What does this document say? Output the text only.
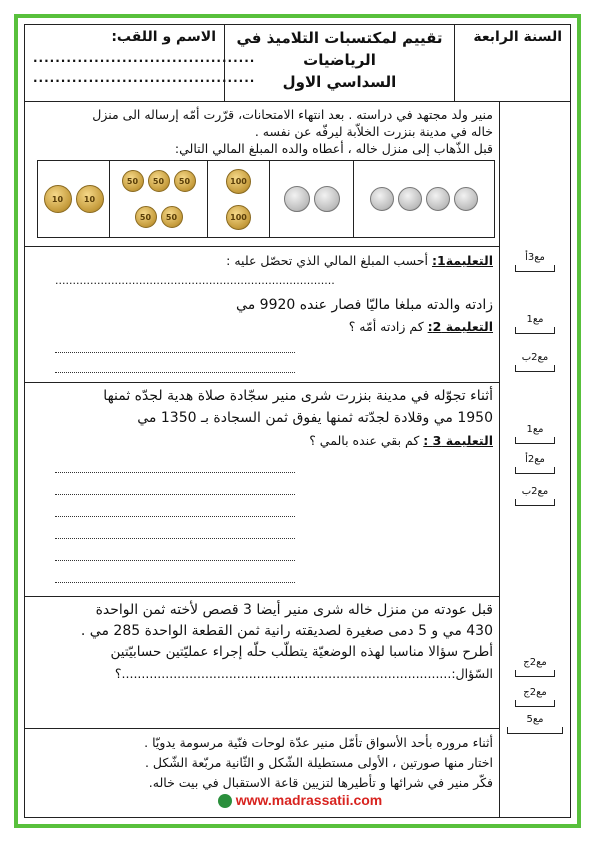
الاسم و اللقب:
........................................
........................................
تقييم لمكتسبات التلاميذ في
الرياضيات
السداسي الاول
السنة الرابعة
منير ولد مجتهد في دراسته . بعد انتهاء الامتحانات، قرّرت أمّه إرساله الى منزل
خاله في مدينة بنزرت الخلاّبة ليرفّه عن نفسه .
قبل الذّهاب إلى منزل خاله ، أعطاه والده المبلغ المالي التالي:
10	10
50	50	50
50	50
100
100
التعليمة1: أحسب المبلغ المالي الذي تحصّل عليه :
................................................................................
زادته والدته مبلغا ماليّا فصار عنده 9920 مي
التعليمة 2: كم زادته أمّه ؟
أثناء تجوّله في مدينة بنزرت شرى منير سجّادة صلاة هدية لجدّه ثمنها
1950 مي وقلادة لجدّته ثمنها يفوق ثمن السجادة بـ 1350 مي
التعليمة 3 : كم بقي عنده بالمي ؟
قبل عودته من منزل خاله شرى منير أيضا 3 قصص لأخته ثمن الواحدة
430 مي و 5 دمى صغيرة لصديقته رانية ثمن القطعة الواحدة 285 مي .
أطرح سؤالا مناسبا لهذه الوضعيّة يتطلّب حلّه إجراء عمليّتين حسابيّتين
السّؤال:...................................................................................؟
أثناء مروره بأحد الأسواق تأمّل منير عدّة لوحات فنّية مرسومة يدويّا .
اختار منها صورتين ، الأولى مستطيلة الشّكل و الثّانية مربّعة الشّكل .
فكّر منير في شرائها و تأطيرها لتزيين قاعة الاستقبال في بيت خاله.
مع3أ
مع1
مع2ب
مع1
مع2أ
مع2ب
مع2ج
مع2ج
مع5
www.madrassatii.com
